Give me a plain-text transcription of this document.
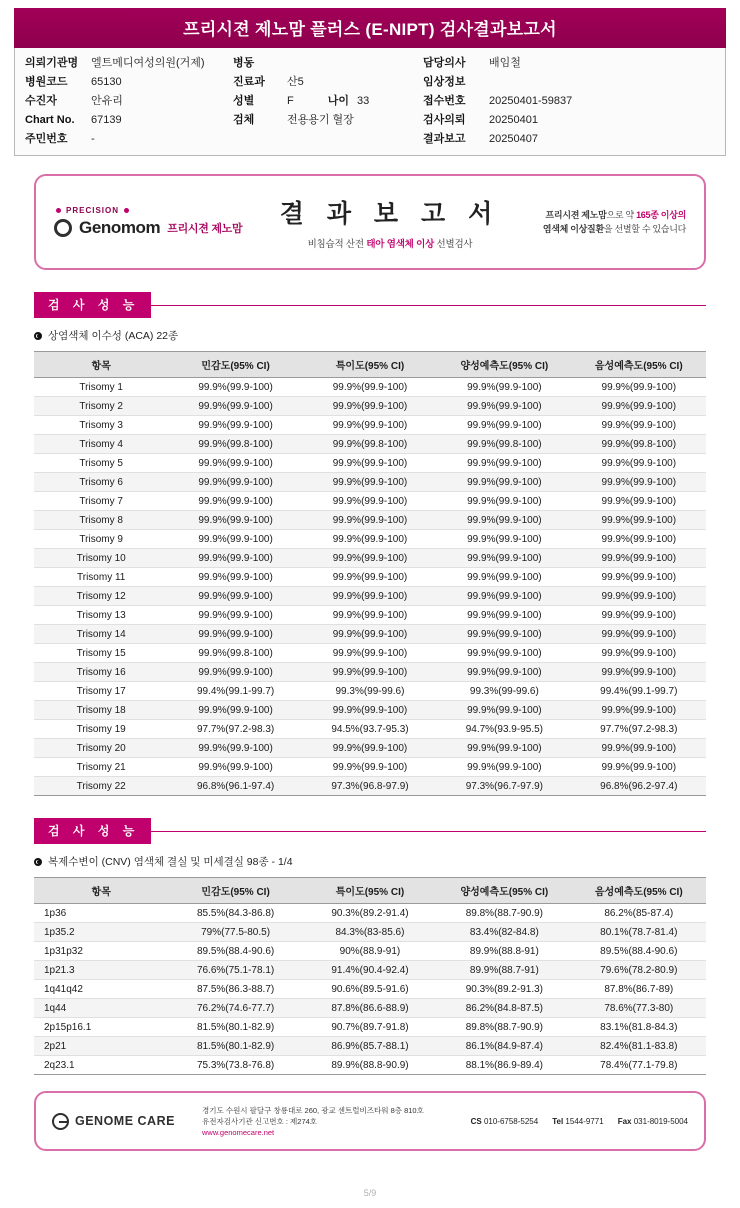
프리시젼 제노맘 플러스 (E-NIPT) 검사결과보고서
의뢰기관명	엘트메디여성의원(거제)
병원코드	65130
수진자	안유리
Chart No.	67139
주민번호	-
병동
진료과	산5
성별	F	나이 33
검체	전용용기 혈장
담당의사	배임철
임상정보
접수번호	20250401-59837
검사의뢰	20250401
결과보고	20250407
PRECISION
Genomom 프리시젼 제노맘
결 과 보 고 서
비침습적 산전 태아 염색체 이상 선별검사
프리시젼 제노맘으로 약 165종 이상의
염색체 이상질환을 선별할 수 있습니다
검 사 성 능
상염색체 이수성 (ACA) 22종
항목	민감도(95% CI)	특이도(95% CI)	양성예측도(95% CI)	음성예측도(95% CI)
Trisomy 1	99.9%(99.9-100)	99.9%(99.9-100)	99.9%(99.9-100)	99.9%(99.9-100)
Trisomy 2	99.9%(99.9-100)	99.9%(99.9-100)	99.9%(99.9-100)	99.9%(99.9-100)
Trisomy 3	99.9%(99.9-100)	99.9%(99.9-100)	99.9%(99.9-100)	99.9%(99.9-100)
Trisomy 4	99.9%(99.8-100)	99.9%(99.8-100)	99.9%(99.8-100)	99.9%(99.8-100)
Trisomy 5	99.9%(99.9-100)	99.9%(99.9-100)	99.9%(99.9-100)	99.9%(99.9-100)
Trisomy 6	99.9%(99.9-100)	99.9%(99.9-100)	99.9%(99.9-100)	99.9%(99.9-100)
Trisomy 7	99.9%(99.9-100)	99.9%(99.9-100)	99.9%(99.9-100)	99.9%(99.9-100)
Trisomy 8	99.9%(99.9-100)	99.9%(99.9-100)	99.9%(99.9-100)	99.9%(99.9-100)
Trisomy 9	99.9%(99.9-100)	99.9%(99.9-100)	99.9%(99.9-100)	99.9%(99.9-100)
Trisomy 10	99.9%(99.9-100)	99.9%(99.9-100)	99.9%(99.9-100)	99.9%(99.9-100)
Trisomy 11	99.9%(99.9-100)	99.9%(99.9-100)	99.9%(99.9-100)	99.9%(99.9-100)
Trisomy 12	99.9%(99.9-100)	99.9%(99.9-100)	99.9%(99.9-100)	99.9%(99.9-100)
Trisomy 13	99.9%(99.9-100)	99.9%(99.9-100)	99.9%(99.9-100)	99.9%(99.9-100)
Trisomy 14	99.9%(99.9-100)	99.9%(99.9-100)	99.9%(99.9-100)	99.9%(99.9-100)
Trisomy 15	99.9%(99.8-100)	99.9%(99.9-100)	99.9%(99.9-100)	99.9%(99.9-100)
Trisomy 16	99.9%(99.9-100)	99.9%(99.9-100)	99.9%(99.9-100)	99.9%(99.9-100)
Trisomy 17	99.4%(99.1-99.7)	99.3%(99-99.6)	99.3%(99-99.6)	99.4%(99.1-99.7)
Trisomy 18	99.9%(99.9-100)	99.9%(99.9-100)	99.9%(99.9-100)	99.9%(99.9-100)
Trisomy 19	97.7%(97.2-98.3)	94.5%(93.7-95.3)	94.7%(93.9-95.5)	97.7%(97.2-98.3)
Trisomy 20	99.9%(99.9-100)	99.9%(99.9-100)	99.9%(99.9-100)	99.9%(99.9-100)
Trisomy 21	99.9%(99.9-100)	99.9%(99.9-100)	99.9%(99.9-100)	99.9%(99.9-100)
Trisomy 22	96.8%(96.1-97.4)	97.3%(96.8-97.9)	97.3%(96.7-97.9)	96.8%(96.2-97.4)
검 사 성 능
복제수변이 (CNV) 염색체 결실 및 미세결실 98종 - 1/4
항목	민감도(95% CI)	특이도(95% CI)	양성예측도(95% CI)	음성예측도(95% CI)
1p36	85.5%(84.3-86.8)	90.3%(89.2-91.4)	89.8%(88.7-90.9)	86.2%(85-87.4)
1p35.2	79%(77.5-80.5)	84.3%(83-85.6)	83.4%(82-84.8)	80.1%(78.7-81.4)
1p31p32	89.5%(88.4-90.6)	90%(88.9-91)	89.9%(88.8-91)	89.5%(88.4-90.6)
1p21.3	76.6%(75.1-78.1)	91.4%(90.4-92.4)	89.9%(88.7-91)	79.6%(78.2-80.9)
1q41q42	87.5%(86.3-88.7)	90.6%(89.5-91.6)	90.3%(89.2-91.3)	87.8%(86.7-89)
1q44	76.2%(74.6-77.7)	87.8%(86.6-88.9)	86.2%(84.8-87.5)	78.6%(77.3-80)
2p15p16.1	81.5%(80.1-82.9)	90.7%(89.7-91.8)	89.8%(88.7-90.9)	83.1%(81.8-84.3)
2p21	81.5%(80.1-82.9)	86.9%(85.7-88.1)	86.1%(84.9-87.4)	82.4%(81.1-83.8)
2q23.1	75.3%(73.8-76.8)	89.9%(88.8-90.9)	88.1%(86.9-89.4)	78.4%(77.1-79.8)
GENOME CARE
경기도 수원시 팔달구 창룡대로 260, 광교 센트럴비즈타워 8층 810호
유전자검사기관 신고번호 : 제274호
www.genomecare.net
CS 010-6758-5254 Tel 1544-9771 Fax 031-8019-5004
5/9
